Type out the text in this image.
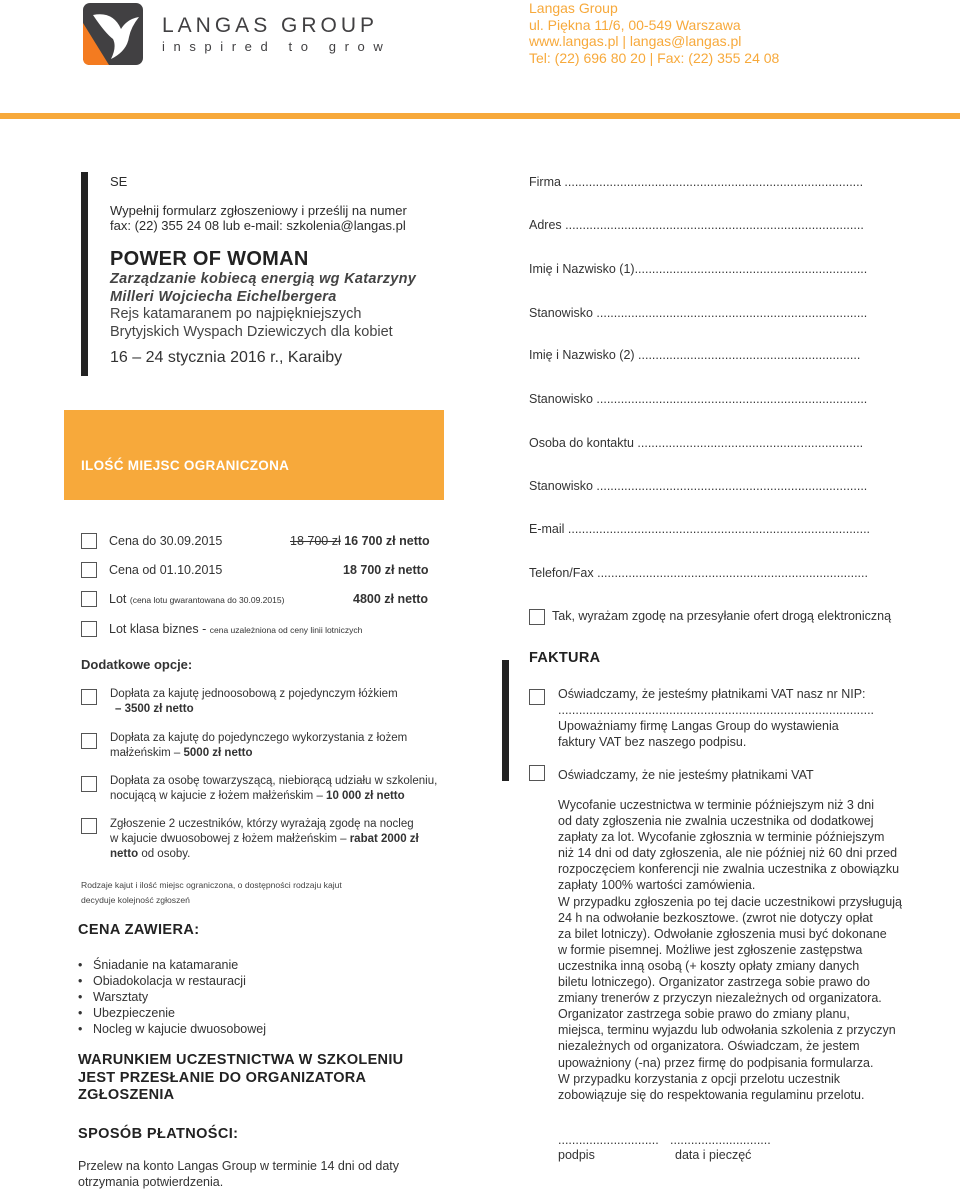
LANGAS GROUP
inspired to grow
Langas Group
ul. Piękna 11/6, 00-549 Warszawa
www.langas.pl | langas@langas.pl
Tel: (22) 696 80 20 | Fax: (22) 355 24 08
SE
Wypełnij formularz zgłoszeniowy i prześlij na numer
fax: (22) 355 24 08 lub e-mail: szkolenia@langas.pl
POWER OF WOMAN
Zarządzanie kobiecą energią wg Katarzyny
Milleri Wojciecha Eichelbergera
Rejs katamaranem po najpiękniejszych
Brytyjskich Wyspach Dziewiczych dla kobiet
16 – 24 stycznia 2016 r., Karaiby
ILOŚĆ MIEJSC OGRANICZONA
Cena do 30.09.2015	18 700 zł 16 700 zł netto
Cena od 01.10.2015	18 700 zł netto
Lot (cena lotu gwarantowana do 30.09.2015)	4800 zł netto
Lot klasa biznes - cena uzależniona od ceny linii lotniczych
Dodatkowe opcje:
Dopłata za kajutę jednoosobową z pojedynczym łóżkiem
– 3500 zł netto
Dopłata za kajutę do pojedynczego wykorzystania z łożem
małżeńskim – 5000 zł netto
Dopłata za osobę towarzyszącą, niebiorącą udziału w szkoleniu,
nocującą w kajucie z łożem małżeńskim – 10 000 zł netto
Zgłoszenie 2 uczestników, którzy wyrażają zgodę na nocleg
w kajucie dwuosobowej z łożem małżeńskim – rabat 2000 zł
netto od osoby.
Rodzaje kajut i ilość miejsc ograniczona, o dostępności rodzaju kajut
decyduje kolejność zgłoszeń
CENA ZAWIERA:
• Śniadanie na katamaranie
• Obiadokolacja w restauracji
• Warsztaty
• Ubezpieczenie
• Nocleg w kajucie dwuosobowej
WARUNKIEM UCZESTNICTWA W SZKOLENIU
JEST PRZESŁANIE DO ORGANIZATORA
ZGŁOSZENIA
SPOSÓB PŁATNOŚCI:
Przelew na konto Langas Group w terminie 14 dni od daty
otrzymania potwierdzenia.
Firma ......................................................................................
Adres ......................................................................................
Imię i Nazwisko (1)...................................................................
Stanowisko ..............................................................................
Imię i Nazwisko (2) ................................................................
Stanowisko ..............................................................................
Osoba do kontaktu .................................................................
Stanowisko ..............................................................................
E-mail .......................................................................................
Telefon/Fax ..............................................................................
Tak, wyrażam zgodę na przesyłanie ofert drogą elektroniczną
FAKTURA
Oświadczamy, że jesteśmy płatnikami VAT nasz nr NIP:
...........................................................................................
Upoważniamy firmę Langas Group do wystawienia
faktury VAT bez naszego podpisu.
Oświadczamy, że nie jesteśmy płatnikami VAT
Wycofanie uczestnictwa w terminie późniejszym niż 3 dni
od daty zgłoszenia nie zwalnia uczestnika od dodatkowej
zapłaty za lot. Wycofanie zgłosznia w terminie późniejszym
niż 14 dni od daty zgłoszenia, ale nie później niż 60 dni przed
rozpoczęciem konferencji nie zwalnia uczestnika z obowiązku
zapłaty 100% wartości zamówienia.
W przypadku zgłoszenia po tej dacie uczestnikowi przysługują
24 h na odwołanie bezkosztowe. (zwrot nie dotyczy opłat
za bilet lotniczy). Odwołanie zgłoszenia musi być dokonane
w formie pisemnej. Możliwe jest zgłoszenie zastępstwa
uczestnika inną osobą (+ koszty opłaty zmiany danych
biletu lotniczego). Organizator zastrzega sobie prawo do
zmiany trenerów z przyczyn niezależnych od organizatora.
Organizator zastrzega sobie prawo do zmiany planu,
miejsca, terminu wyjazdu lub odwołania szkolenia z przyczyn
niezależnych od organizatora. Oświadczam, że jestem
upoważniony (-na) przez firmę do podpisania formularza.
W przypadku korzystania z opcji przelotu uczestnik
zobowiązuje się do respektowania regulaminu przelotu.
.............................
podpis
.............................
data i pieczęć
